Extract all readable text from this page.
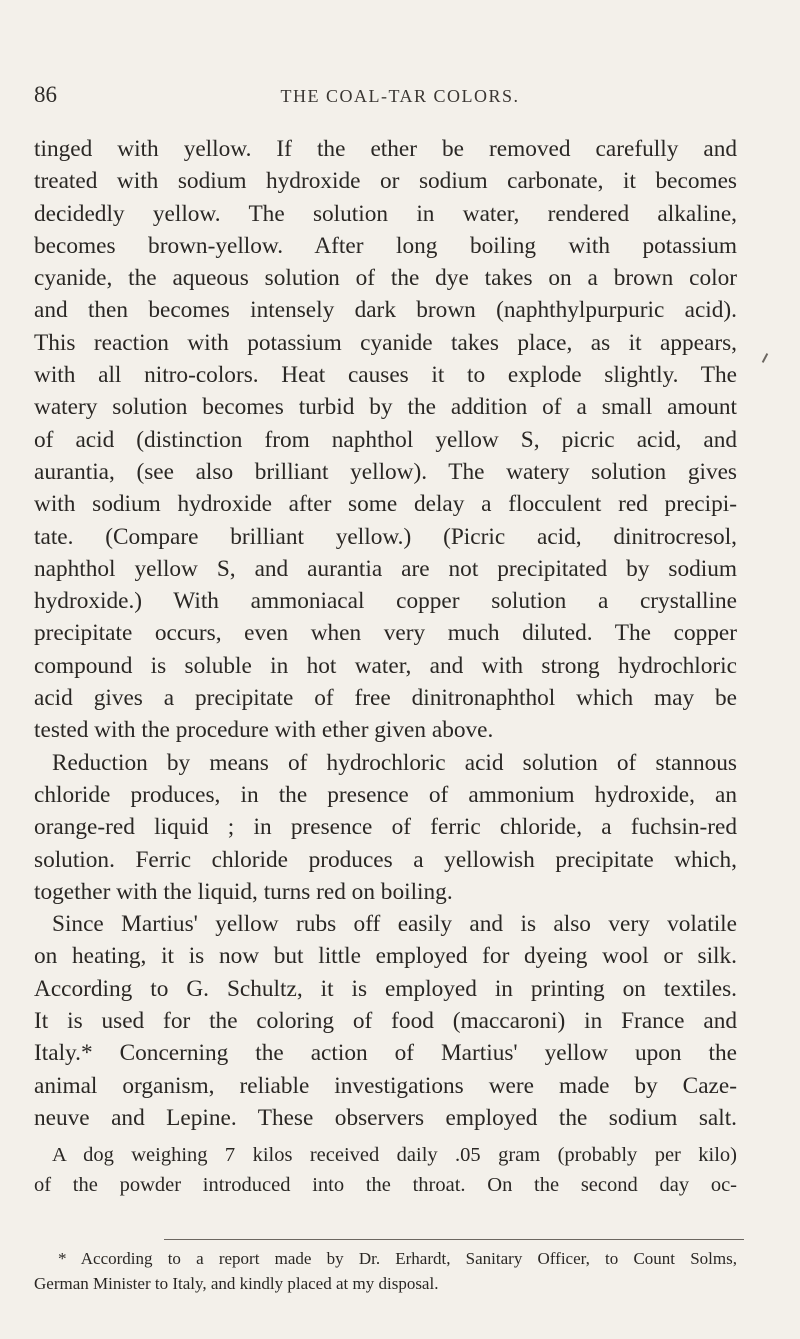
86	THE COAL-TAR COLORS.
tinged with yellow. If the ether be removed carefully and
treated with sodium hydroxide or sodium carbonate, it becomes
decidedly yellow. The solution in water, rendered alkaline,
becomes brown-yellow. After long boiling with potassium
cyanide, the aqueous solution of the dye takes on a brown color
and then becomes intensely dark brown (naphthylpurpuric acid).
This reaction with potassium cyanide takes place, as it appears,
with all nitro-colors. Heat causes it to explode slightly. The
watery solution becomes turbid by the addition of a small amount
of acid (distinction from naphthol yellow S, picric acid, and
aurantia, (see also brilliant yellow). The watery solution gives
with sodium hydroxide after some delay a flocculent red precipi-
tate. (Compare brilliant yellow.) (Picric acid, dinitrocresol,
naphthol yellow S, and aurantia are not precipitated by sodium
hydroxide.) With ammoniacal copper solution a crystalline
precipitate occurs, even when very much diluted. The copper
compound is soluble in hot water, and with strong hydrochloric
acid gives a precipitate of free dinitronaphthol which may be
tested with the procedure with ether given above.
Reduction by means of hydrochloric acid solution of stannous
chloride produces, in the presence of ammonium hydroxide, an
orange-red liquid ; in presence of ferric chloride, a fuchsin-red
solution. Ferric chloride produces a yellowish precipitate which,
together with the liquid, turns red on boiling.
Since Martius' yellow rubs off easily and is also very volatile
on heating, it is now but little employed for dyeing wool or silk.
According to G. Schultz, it is employed in printing on textiles.
It is used for the coloring of food (maccaroni) in France and
Italy.* Concerning the action of Martius' yellow upon the
animal organism, reliable investigations were made by Caze-
neuve and Lepine. These observers employed the sodium salt.
A dog weighing 7 kilos received daily .05 gram (probably per kilo)
of the powder introduced into the throat. On the second day oc-
* According to a report made by Dr. Erhardt, Sanitary Officer, to Count Solms,
German Minister to Italy, and kindly placed at my disposal.
